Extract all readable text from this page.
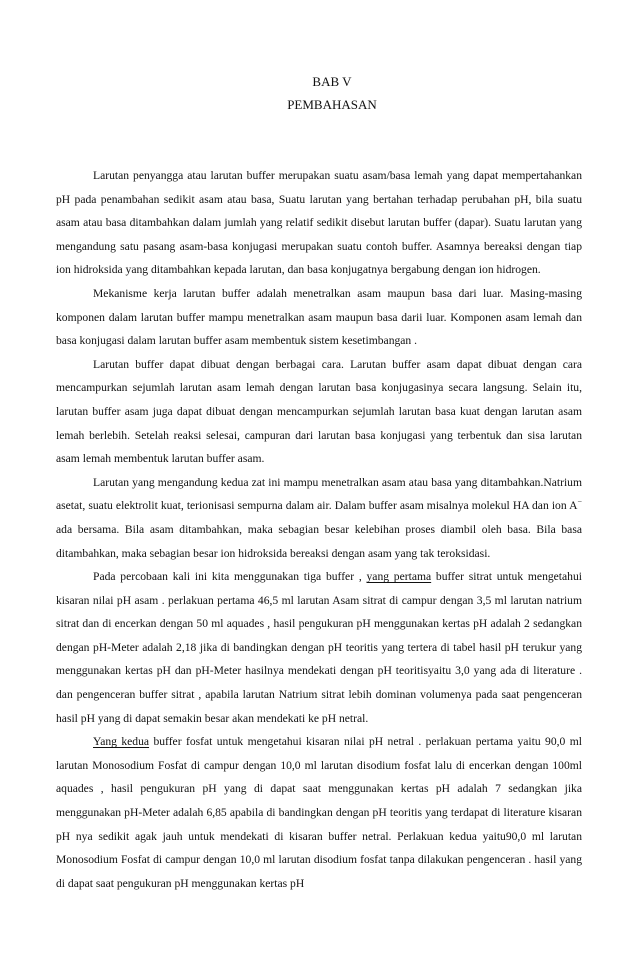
BAB V
PEMBAHASAN

Larutan penyangga atau larutan buffer merupakan suatu asam/basa lemah yang dapat mempertahankan pH pada penambahan sedikit asam atau basa, Suatu larutan yang bertahan terhadap perubahan pH, bila suatu asam atau basa ditambahkan dalam jumlah yang relatif sedikit disebut larutan buffer (dapar). Suatu larutan yang mengandung satu pasang asam-basa konjugasi merupakan suatu contoh buffer. Asamnya bereaksi dengan tiap ion hidroksida yang ditambahkan kepada larutan, dan basa konjugatnya bergabung dengan ion hidrogen.

Mekanisme kerja larutan buffer adalah menetralkan asam maupun basa dari luar. Masing-masing komponen dalam larutan buffer mampu menetralkan asam maupun basa darii luar. Komponen asam lemah dan basa konjugasi dalam larutan buffer asam membentuk sistem kesetimbangan .

Larutan buffer dapat dibuat dengan berbagai cara. Larutan buffer asam dapat dibuat dengan cara mencampurkan sejumlah larutan asam lemah dengan larutan basa konjugasinya secara langsung. Selain itu, larutan buffer asam juga dapat dibuat dengan mencampurkan sejumlah larutan basa kuat dengan larutan asam lemah berlebih. Setelah reaksi selesai, campuran dari larutan basa konjugasi yang terbentuk dan sisa larutan asam lemah membentuk larutan buffer asam.

Larutan yang mengandung kedua zat ini mampu menetralkan asam atau basa yang ditambahkan.Natrium asetat, suatu elektrolit kuat, terionisasi sempurna dalam air. Dalam buffer asam misalnya molekul HA dan ion A− ada bersama. Bila asam ditambahkan, maka sebagian besar kelebihan proses diambil oleh basa. Bila basa ditambahkan, maka sebagian besar ion hidroksida bereaksi dengan asam yang tak teroksidasi.

Pada percobaan kali ini kita menggunakan tiga buffer , yang pertama buffer sitrat untuk mengetahui kisaran nilai pH asam . perlakuan pertama 46,5 ml larutan Asam sitrat di campur dengan 3,5 ml larutan natrium sitrat dan di encerkan dengan 50 ml aquades , hasil pengukuran pH menggunakan kertas pH adalah 2 sedangkan dengan pH-Meter adalah 2,18 jika di bandingkan dengan pH teoritis yang tertera di tabel hasil pH terukur yang menggunakan kertas pH dan pH-Meter hasilnya mendekati dengan pH teoritisyaitu 3,0 yang ada di literature . dan pengenceran buffer sitrat , apabila larutan Natrium sitrat lebih dominan volumenya pada saat pengenceran hasil pH yang di dapat semakin besar akan mendekati ke pH netral.

Yang kedua buffer fosfat untuk mengetahui kisaran nilai pH netral . perlakuan pertama yaitu 90,0 ml larutan Monosodium Fosfat di campur dengan 10,0 ml larutan disodium fosfat lalu di encerkan dengan 100ml aquades , hasil pengukuran pH yang di dapat saat menggunakan kertas pH adalah 7 sedangkan jika menggunakan pH-Meter adalah 6,85 apabila di bandingkan dengan pH teoritis yang terdapat di literature kisaran pH nya sedikit agak jauh untuk mendekati di kisaran buffer netral. Perlakuan kedua yaitu90,0 ml larutan Monosodium Fosfat di campur dengan 10,0 ml larutan disodium fosfat tanpa dilakukan pengenceran . hasil yang di dapat saat pengukuran pH menggunakan kertas pH
